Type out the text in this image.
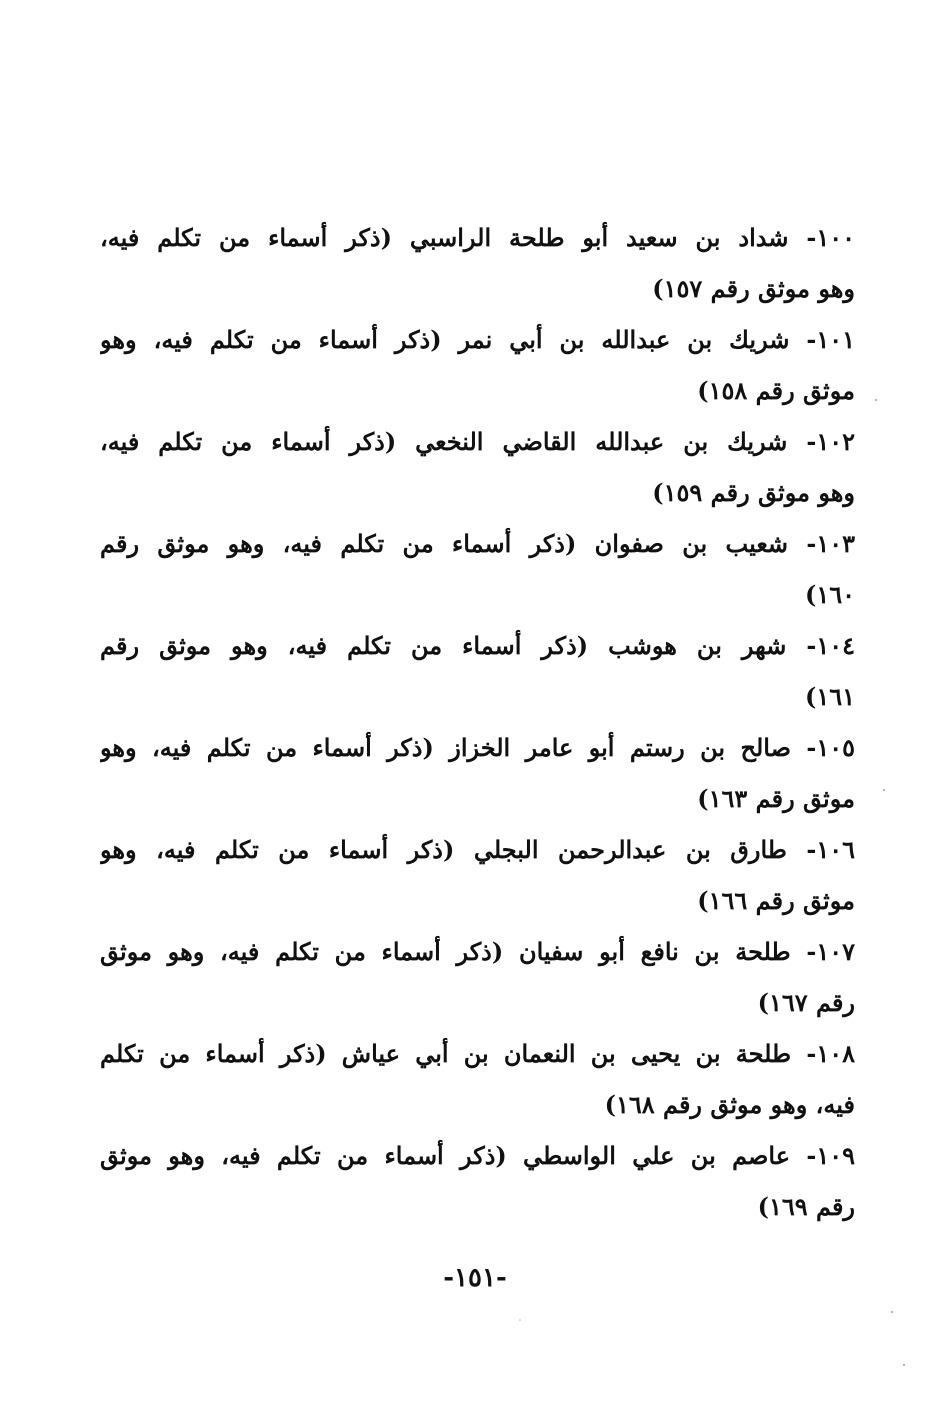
١٠٠- شداد بن سعيد أبو طلحة الراسبي (ذكر أسماء من تكلم فيه،
وهو موثق رقم ١٥٧)
١٠١- شريك بن عبدالله بن أبي نمر (ذكر أسماء من تكلم فيه، وهو
موثق رقم ١٥٨)
١٠٢- شريك بن عبدالله القاضي النخعي (ذكر أسماء من تكلم فيه،
وهو موثق رقم ١٥٩)
١٠٣- شعيب بن صفوان (ذكر أسماء من تكلم فيه، وهو موثق رقم
١٦٠)
١٠٤- شهر بن هوشب (ذكر أسماء من تكلم فيه، وهو موثق رقم
١٦١)
١٠٥- صالح بن رستم أبو عامر الخزاز (ذكر أسماء من تكلم فيه، وهو
موثق رقم ١٦٣)
١٠٦- طارق بن عبدالرحمن البجلي (ذكر أسماء من تكلم فيه، وهو
موثق رقم ١٦٦)
١٠٧- طلحة بن نافع أبو سفيان (ذكر أسماء من تكلم فيه، وهو موثق
رقم ١٦٧)
١٠٨- طلحة بن يحيى بن النعمان بن أبي عياش (ذكر أسماء من تكلم
فيه، وهو موثق رقم ١٦٨)
١٠٩- عاصم بن علي الواسطي (ذكر أسماء من تكلم فيه، وهو موثق
رقم ١٦٩)
-١٥١-
